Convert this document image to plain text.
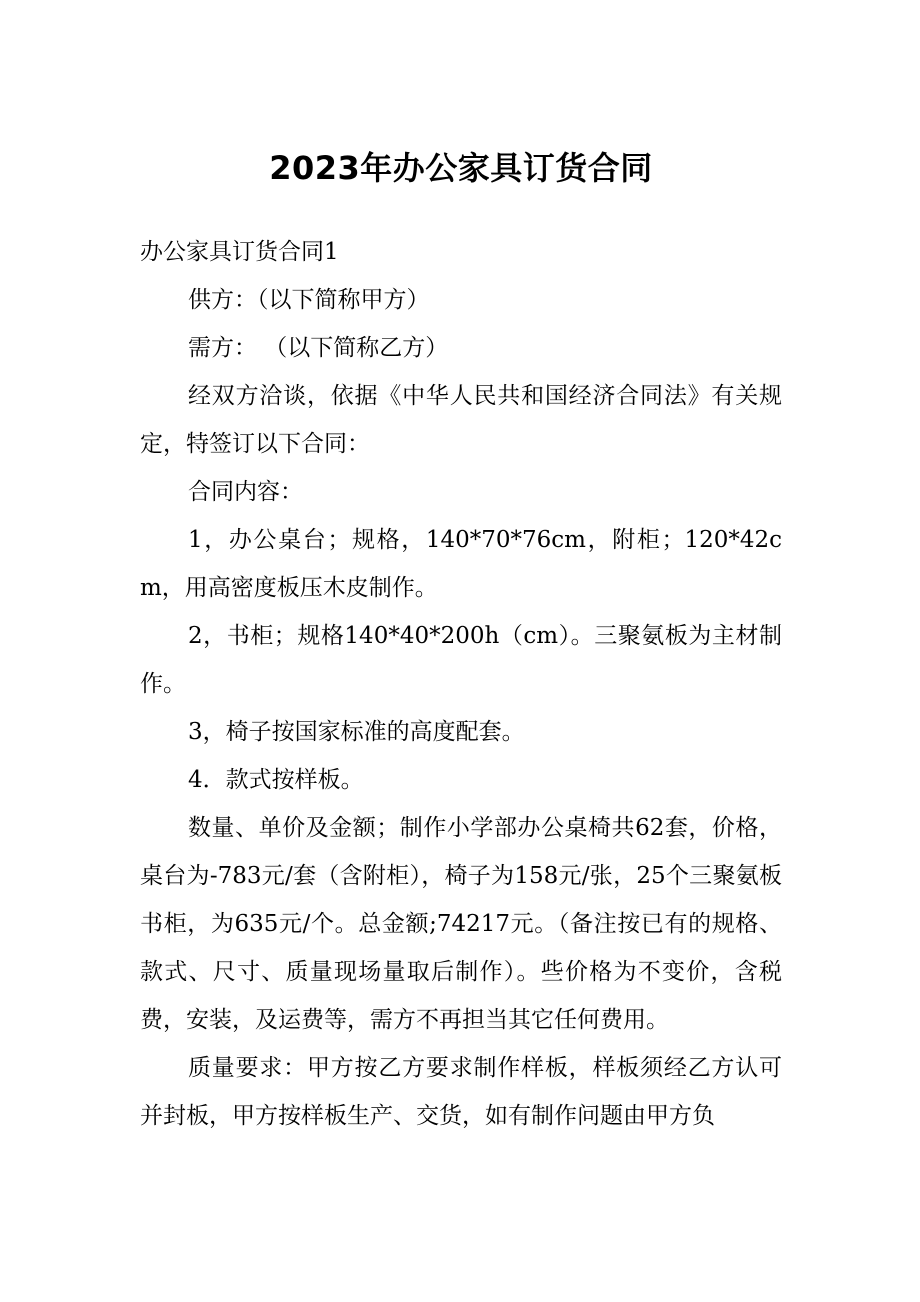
2023年办公家具订货合同
办公家具订货合同1

供方：（以下简称甲方）

需方： （以下简称乙方）

经双方洽谈，依据《中华人民共和国经济合同法》有关规定，特签订以下合同：

合同内容：

1，办公桌台；规格，140*70*76cm，附柜；120*42cm，用高密度板压木皮制作。

2，书柜；规格140*40*200h（cm）。三聚氨板为主材制作。

3，椅子按国家标准的高度配套。

4．款式按样板。

数量、单价及金额；制作小学部办公桌椅共62套，价格，桌台为-783元/套（含附柜），椅子为158元/张，25个三聚氨板书柜，为635元/个。总金额;74217元。（备注按已有的规格、款式、尺寸、质量现场量取后制作）。些价格为不变价，含税费，安装，及运费等，需方不再担当其它任何费用。

质量要求：甲方按乙方要求制作样板，样板须经乙方认可并封板，甲方按样板生产、交货，如有制作问题由甲方负
